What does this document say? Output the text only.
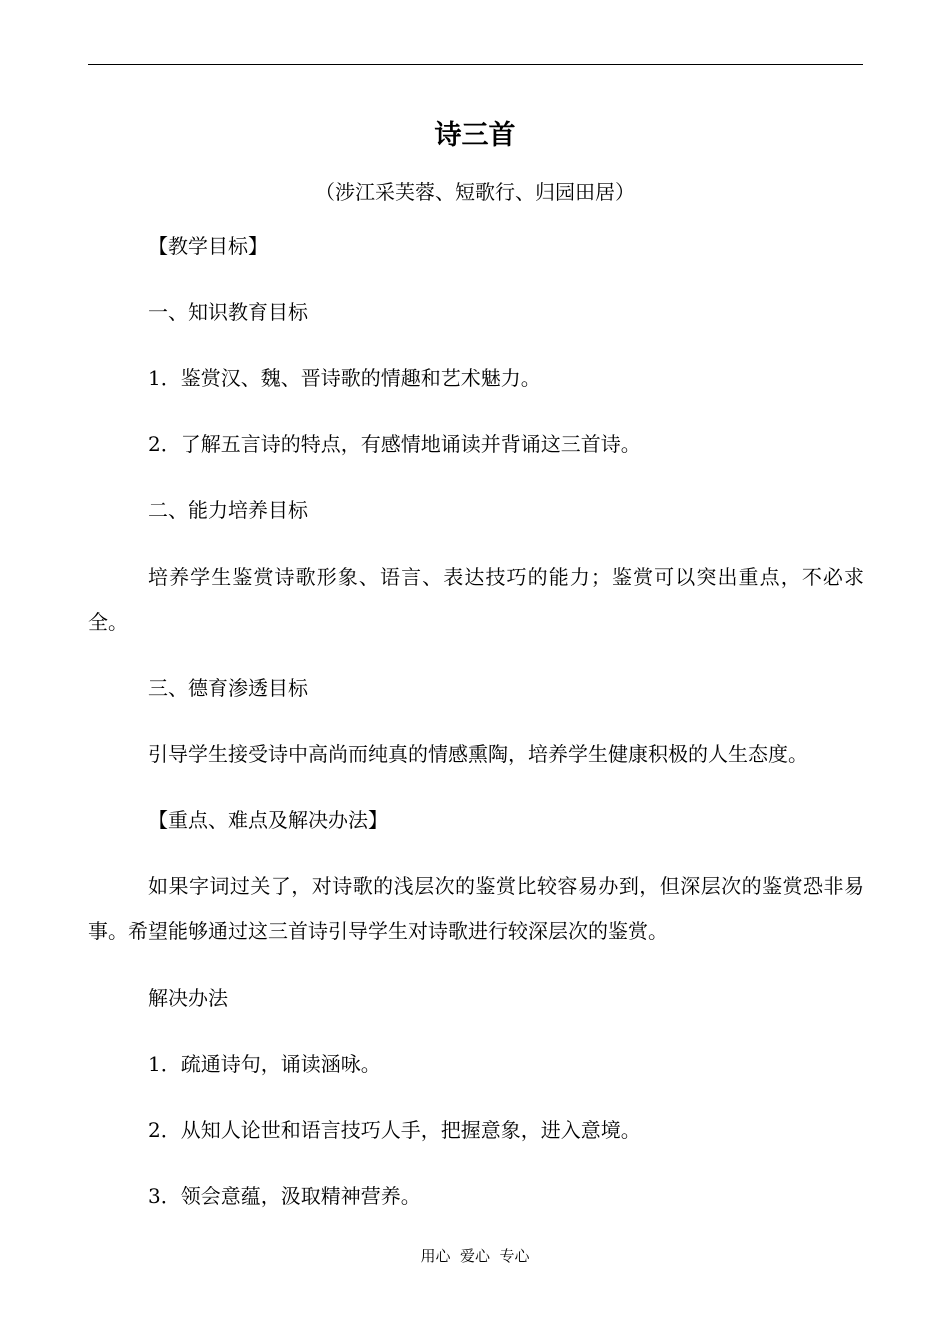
诗三首
（涉江采芙蓉、短歌行、归园田居）
【教学目标】
一、知识教育目标
1．鉴赏汉、魏、晋诗歌的情趣和艺术魅力。
2．了解五言诗的特点，有感情地诵读并背诵这三首诗。
二、能力培养目标
培养学生鉴赏诗歌形象、语言、表达技巧的能力；鉴赏可以突出重点，不必求全。
三、德育渗透目标
引导学生接受诗中高尚而纯真的情感熏陶，培养学生健康积极的人生态度。
【重点、难点及解决办法】
如果字词过关了，对诗歌的浅层次的鉴赏比较容易办到，但深层次的鉴赏恐非易事。希望能够通过这三首诗引导学生对诗歌进行较深层次的鉴赏。
解决办法
1．疏通诗句，诵读涵咏。
2．从知人论世和语言技巧人手，把握意象，进入意境。
3．领会意蕴，汲取精神营养。
用心  爱心  专心
